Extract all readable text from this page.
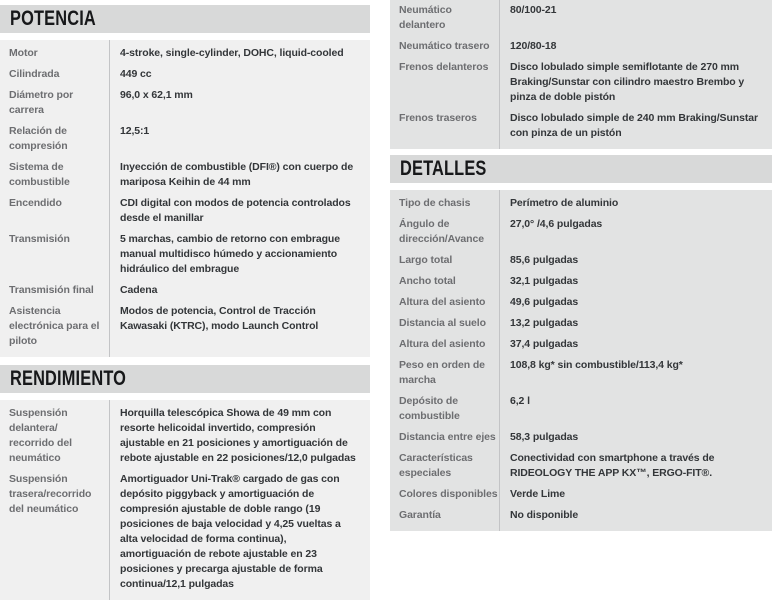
POTENCIA
Motor	4-stroke, single-cylinder, DOHC, liquid-cooled
Cilindrada	449 cc
Diámetro por
carrera
96,0 x 62,1 mm
Relación de
compresión
12,5:1
Sistema de
combustible
Inyección de combustible (DFI®) con cuerpo de mariposa Keihin de 44 mm
Encendido	CDI digital con modos de potencia controlados desde el manillar
Transmisión	5 marchas, cambio de retorno con embrague manual multidisco húmedo y accionamiento hidráulico del embrague
Transmisión final	Cadena
Asistencia
electrónica para el
piloto
Modos de potencia, Control de Tracción Kawasaki (KTRC), modo Launch Control
RENDIMIENTO
Suspensión
delantera/
recorrido del
neumático
Horquilla telescópica Showa de 49 mm con resorte helicoidal invertido, compresión ajustable en 21 posiciones y amortiguación de rebote ajustable en 22 posiciones/12,0 pulgadas
Suspensión
trasera/recorrido
del neumático
Amortiguador Uni-Trak® cargado de gas con depósito piggyback y amortiguación de compresión ajustable de doble rango (19 posiciones de baja velocidad y 4,25 vueltas a alta velocidad de forma continua), amortiguación de rebote ajustable en 23 posiciones y precarga ajustable de forma continua/12,1 pulgadas
Neumático
delantero
80/100-21
Neumático trasero	120/80-18
Frenos delanteros	Disco lobulado simple semiflotante de 270 mm Braking/Sunstar con cilindro maestro Brembo y pinza de doble pistón
Frenos traseros	Disco lobulado simple de 240 mm Braking/Sunstar con pinza de un pistón
DETALLES
Tipo de chasis	Perímetro de aluminio
Ángulo de
dirección/Avance
27,0° /4,6 pulgadas
Largo total	85,6 pulgadas
Ancho total	32,1 pulgadas
Altura del asiento	49,6 pulgadas
Distancia al suelo	13,2 pulgadas
Altura del asiento	37,4 pulgadas
Peso en orden de
marcha
108,8 kg* sin combustible/113,4 kg*
Depósito de
combustible
6,2 l
Distancia entre ejes	58,3 pulgadas
Características
especiales
Conectividad con smartphone a través de RIDEOLOGY THE APP KX™, ERGO-FIT®.
Colores disponibles	Verde Lime
Garantía	No disponible
